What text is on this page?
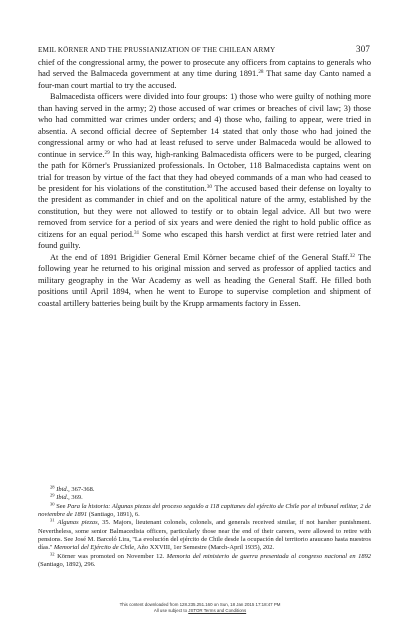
EMIL KÖRNER AND THE PRUSSIANIZATION OF THE CHILEAN ARMY	307

chief of the congressional army, the power to prosecute any officers from captains to generals who had served the Balmaceda government at any time during 1891.28 That same day Canto named a four-man court martial to try the accused.

Balmacedista officers were divided into four groups: 1) those who were guilty of nothing more than having served in the army; 2) those accused of war crimes or breaches of civil law; 3) those who had committed war crimes under orders; and 4) those who, failing to appear, were tried in absentia. A second official decree of September 14 stated that only those who had joined the congressional army or who had at least refused to serve under Balmaceda would be allowed to continue in service.$^{29}$ In this way, high-ranking Balmacedista officers were to be purged, clearing the path for Körner's Prussianized professionals. In October, 118 Balmacedista captains went on trial for treason by virtue of the fact that they had obeyed commands of a man who had ceased to be president for his violations of the constitution.$^{30}$ The accused based their defense on loyalty to the president as commander in chief and on the apolitical nature of the army, established by the constitution, but they were not allowed to testify or to obtain legal advice. All but two were removed from service for a period of six years and were denied the right to hold public office as citizens for an equal period.$^{31}$ Some who escaped this harsh verdict at first were retried later and found guilty.

At the end of 1891 Brigidier General Emil Körner became chief of the General Staff.$^{32}$ The following year he returned to his original mission and served as professor of applied tactics and military geography in the War Academy as well as heading the General Staff. He filled both positions until April 1894, when he went to Europe to supervise completion and shipment of coastal artillery batteries being built by the Krupp armaments factory in Essen.

$^{28}$ Ibid., 367-368.

$^{29}$ Ibid., 369.

$^{30}$ See Para la historia: Algunas piezas del proceso seguido a 118 capitanes del ejército de Chile por el tribunal militar, 2 de noviembre de 1891 (Santiago, 1891), 6.

$^{31}$ Algunas piezas, 35. Majors, lieutenant colonels, colonels, and generals received similar, if not harsher punishment. Nevertheless, some senior Balmacedista officers, particularly those near the end of their careers, were allowed to retire with pensions. See José M. Barceló Lira, ''La evolución del ejército de Chile desde la ocupación del territorio araucano hasta nuestros días.'' Memorial del Ejército de Chile, Año XXVIII, 1er Semestre (March-April 1935), 202.

$^{32}$ Körner was promoted on November 12. Memoria del ministerio de guerra presentada al congreso nacional en 1892 (Santiago, 1892), 296.

This content downloaded from 128.235.251.160 on Sun, 18 Jan 2015 17:18:47 PM
All use subject to JSTOR Terms and Conditions
